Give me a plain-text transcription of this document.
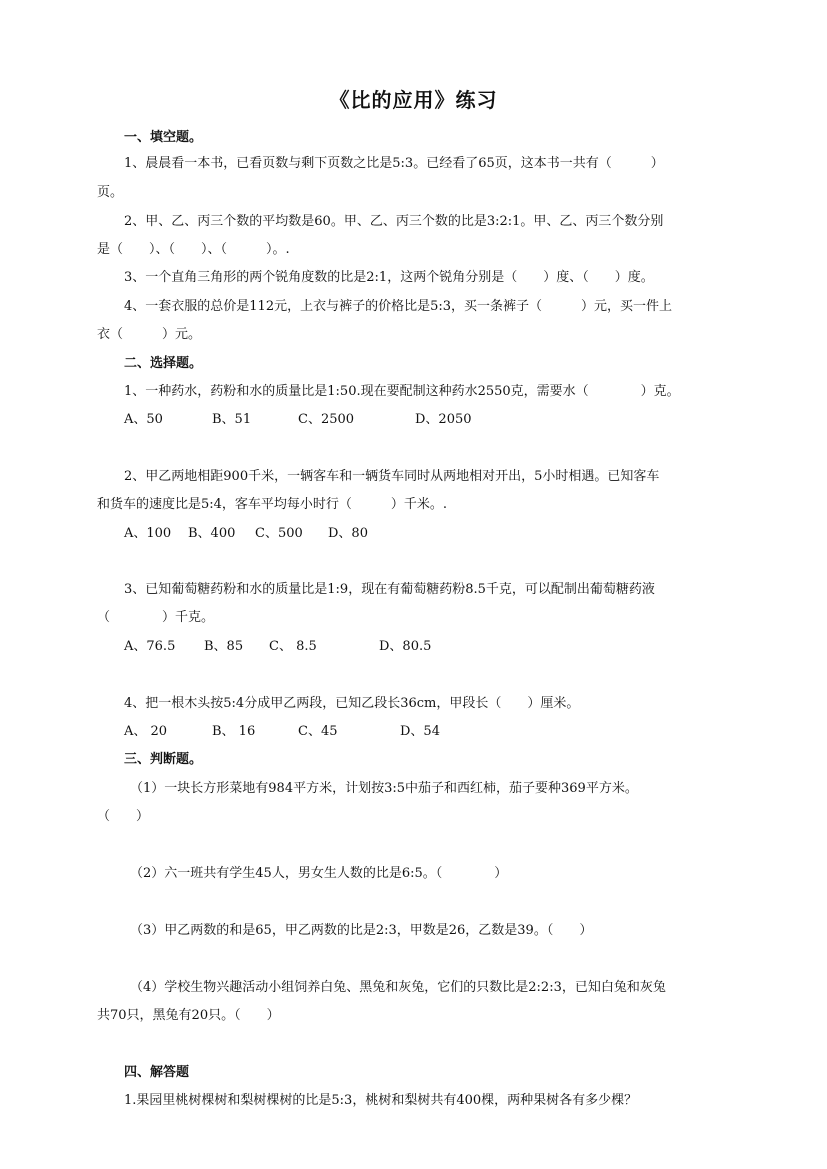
《比的应用》练习
一、填空题。
1、晨晨看一本书，已看页数与剩下页数之比是5:3。已经看了65页，这本书一共有（　　　）
页。
2、甲、乙、丙三个数的平均数是60。甲、乙、丙三个数的比是3:2:1。甲、乙、丙三个数分别
是（　　）、（　　）、（　　　）。.
3、一个直角三角形的两个锐角度数的比是2:1，这两个锐角分别是（　　）度、（　　）度。
4、一套衣服的总价是112元，上衣与裤子的价格比是5:3，买一条裤子（　　　）元，买一件上
衣（　　　）元。
二、选择题。
1、一种药水，药粉和水的质量比是1:50.现在要配制这种药水2550克，需要水（　　　　）克。
A、50	B、51	C、2500	D、2050
2、甲乙两地相距900千米，一辆客车和一辆货车同时从两地相对开出，5小时相遇。已知客车
和货车的速度比是5:4，客车平均每小时行（　　　）千米。.
A、100 B、400 C、500 D、80
3、已知葡萄糖药粉和水的质量比是1:9，现在有葡萄糖药粉8.5千克，可以配制出葡萄糖药液
（　　　　）千克。
A、76.5 B、85 C、 8.5	D、80.5
4、把一根木头按5:4分成甲乙两段，已知乙段长36cm，甲段长（　　）厘米。
A、 20	B、 16	C、45	D、54
三、判断题。
（1）一块长方形菜地有984平方米，计划按3:5中茄子和西红柿，茄子要种369平方米。
（　　）
（2）六一班共有学生45人，男女生人数的比是6:5。（　　　　）
（3）甲乙两数的和是65，甲乙两数的比是2:3，甲数是26，乙数是39。（　　）
（4）学校生物兴趣活动小组饲养白兔、黑兔和灰兔，它们的只数比是2:2:3，已知白兔和灰兔
共70只，黑兔有20只。（　　）
四、解答题
1.果园里桃树棵树和梨树棵树的比是5:3，桃树和梨树共有400棵，两种果树各有多少棵？
